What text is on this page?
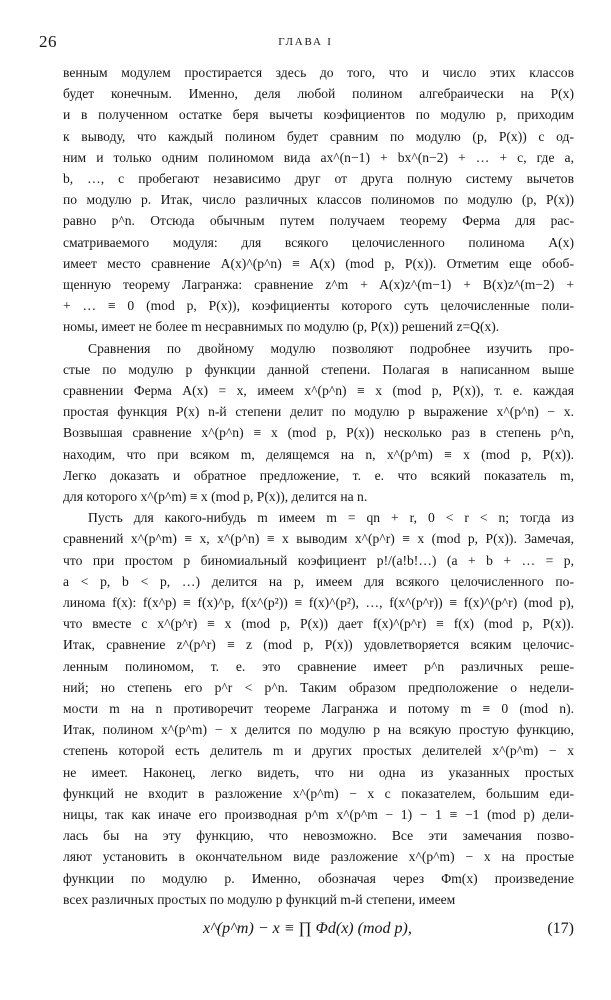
26	ГЛАВА I
венным модулем простирается здесь до того, что и число этих классов
будет конечным. Именно, деля любой полином алгебраически на P(x)
и в полученном остатке беря вычеты коэфициентов по модулю p, приходим
к выводу, что каждый полином будет сравним по модулю (p, P(x)) с од-
ним и только одним полиномом вида ax^(n−1) + bx^(n−2) + … + c, где a,
b, …, c пробегают независимо друг от друга полную систему вычетов
по модулю p. Итак, число различных классов полиномов по модулю (p, P(x))
равно p^n. Отсюда обычным путем получаем теорему Ферма для рас-
сматриваемого модуля: для всякого целочисленного полинома A(x)
имеет место сравнение A(x)^(p^n) ≡ A(x) (mod p, P(x)). Отметим еще обоб-
щенную теорему Лагранжа: сравнение z^m + A(x)z^(m−1) + B(x)z^(m−2) +
+ … ≡ 0 (mod p, P(x)), коэфициенты которого суть целочисленные поли-
номы, имеет не более m несравнимых по модулю (p, P(x)) решений z=Q(x).
Сравнения по двойному модулю позволяют подробнее изучить про-
стые по модулю p функции данной степени. Полагая в написанном выше
сравнении Ферма A(x) = x, имеем x^(p^n) ≡ x (mod p, P(x)), т. е. каждая
простая функция P(x) n-й степени делит по модулю p выражение x^(p^n) − x.
Возвышая сравнение x^(p^n) ≡ x (mod p, P(x)) несколько раз в степень p^n,
находим, что при всяком m, делящемся на n, x^(p^m) ≡ x (mod p, P(x)).
Легко доказать и обратное предложение, т. е. что всякий показатель m,
для которого x^(p^m) ≡ x (mod p, P(x)), делится на n.
Пусть для какого-нибудь m имеем m = qn + r, 0 < r < n; тогда из
сравнений x^(p^m) ≡ x, x^(p^n) ≡ x выводим x^(p^r) ≡ x (mod p, P(x)). Замечая,
что при простом p биномиальный коэфициент p!/(a!b!…) (a + b + … = p,
a < p, b < p, …) делится на p, имеем для всякого целочисленного по-
линома f(x): f(x^p) ≡ f(x)^p, f(x^(p²)) ≡ f(x)^(p²), …, f(x^(p^r)) ≡ f(x)^(p^r) (mod p),
что вместе с x^(p^r) ≡ x (mod p, P(x)) дает f(x)^(p^r) ≡ f(x) (mod p, P(x)).
Итак, сравнение z^(p^r) ≡ z (mod p, P(x)) удовлетворяется всяким целочис-
ленным полиномом, т. е. это сравнение имеет p^n различных реше-
ний; но степень его p^r < p^n. Таким образом предположение о недели-
мости m на n противоречит теореме Лагранжа и потому m ≡ 0 (mod n).
Итак, полином x^(p^m) − x делится по модулю p на всякую простую функцию,
степень которой есть делитель m и других простых делителей x^(p^m) − x
не имеет. Наконец, легко видеть, что ни одна из указанных простых
функций не входит в разложение x^(p^m) − x с показателем, большим еди-
ницы, так как иначе его производная p^m x^(p^m − 1) − 1 ≡ −1 (mod p) дели-
лась бы на эту функцию, что невозможно. Все эти замечания позво-
ляют установить в окончательном виде разложение x^(p^m) − x на простые
функции по модулю p. Именно, обозначая через Φm(x) произведение
всех различных простых по модулю p функций m-й степени, имеем
x^(p^m) − x ≡ ∏ Φd(x) (mod p),	(17)
